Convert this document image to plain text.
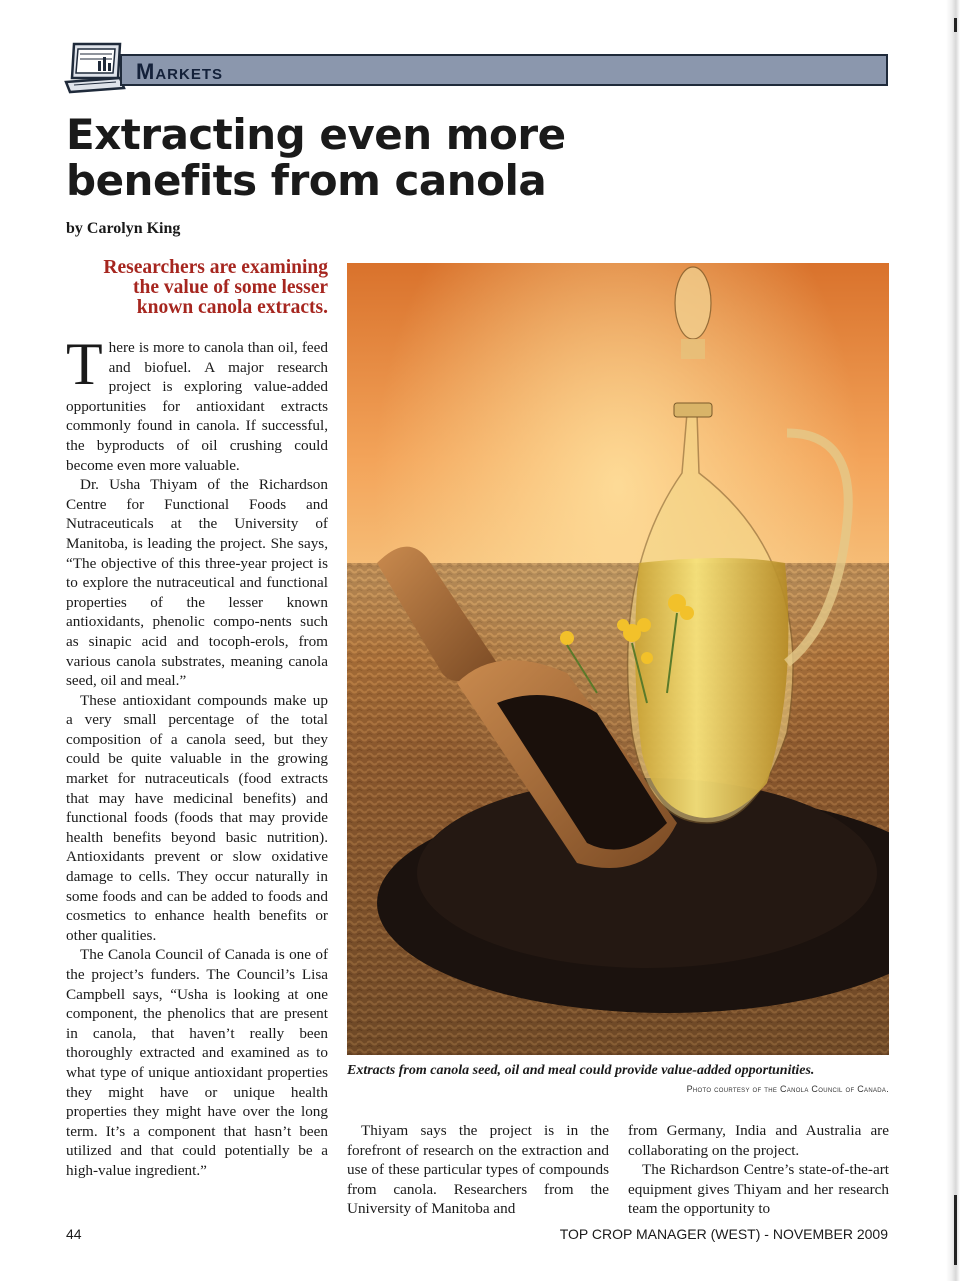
Markets
Extracting even more
benefits from canola
by Carolyn King
Researchers are examining
the value of some lesser
known canola extracts.

There is more to canola than oil, feed and biofuel. A major research project is exploring value-added opportunities for antioxidant extracts commonly found in canola. If successful, the byproducts of oil crushing could become even more valuable.

Dr. Usha Thiyam of the Richardson Centre for Functional Foods and Nutraceuticals at the University of Manitoba, is leading the project. She says, “The objective of this three-year project is to explore the nutraceutical and functional properties of the lesser known antioxidants, phenolic compo-nents such as sinapic acid and tocoph-erols, from various canola substrates, meaning canola seed, oil and meal.”

These antioxidant compounds make up a very small percentage of the total composition of a canola seed, but they could be quite valuable in the growing market for nutraceuticals (food extracts that may have medicinal benefits) and functional foods (foods that may provide health benefits beyond basic nutrition). Antioxidants prevent or slow oxidative damage to cells. They occur naturally in some foods and can be added to foods and cosmetics to enhance health benefits or other qualities.

The Canola Council of Canada is one of the project’s funders. The Council’s Lisa Campbell says, “Usha is looking at one component, the phenolics that are present in canola, that haven’t really been thoroughly extracted and examined as to what type of unique antioxidant properties they might have or unique health properties they might have over the long term. It’s a component that hasn’t been utilized and that could potentially be a high-value ingredient.”

Extracts from canola seed, oil and meal could provide value-added opportunities.
Photo courtesy of the Canola Council of Canada.

Thiyam says the project is in the forefront of research on the extraction and use of these particular types of compounds from canola. Researchers from the University of Manitoba and

from Germany, India and Australia are collaborating on the project.

The Richardson Centre’s state-of-the-art equipment gives Thiyam and her research team the opportunity to

44	TOP CROP MANAGER (WEST) - NOVEMBER 2009
